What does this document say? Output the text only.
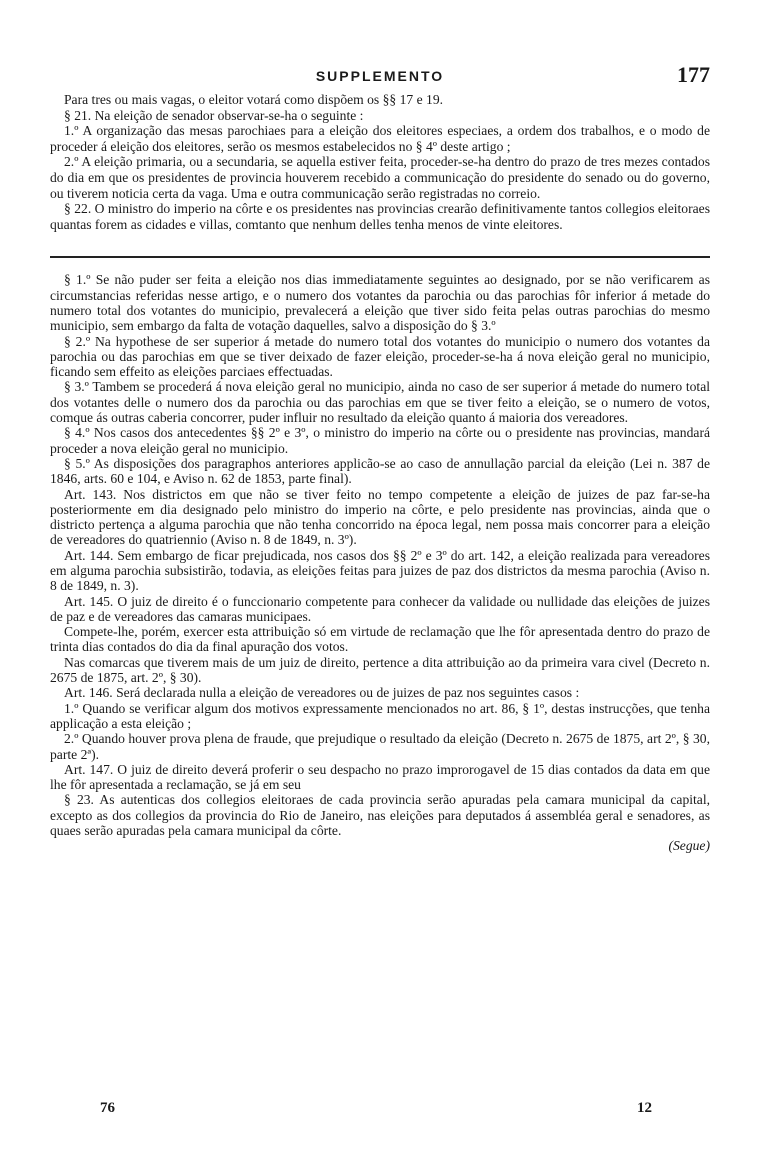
SUPPLEMENTO	177

Para tres ou mais vagas, o eleitor votará como dispõem os §§ 17 e 19.

§ 21. Na eleição de senador observar-se-ha o seguinte :

1.º A organização das mesas parochiaes para a eleição dos eleitores especiaes, a ordem dos trabalhos, e o modo de proceder á eleição dos eleitores, serão os mesmos estabelecidos no § 4º deste artigo ;

2.º A eleição primaria, ou a secundaria, se aquella estiver feita, proceder-se-ha dentro do prazo de tres mezes contados do dia em que os presidentes de provincia houverem recebido a communicação do presidente do senado ou do governo, ou tiverem noticia certa da vaga. Uma e outra communicação serão registradas no correio.

§ 22. O ministro do imperio na côrte e os presidentes nas provincias crearão definitivamente tantos collegios eleitoraes quantas forem as cidades e villas, comtanto que nenhum delles tenha menos de vinte eleitores.

§ 1.º Se não puder ser feita a eleição nos dias immediatamente seguintes ao designado, por se não verificarem as circumstancias referidas nesse artigo, e o numero dos votantes da parochia ou das parochias fôr inferior á metade do numero total dos votantes do municipio, prevalecerá a eleição que tiver sido feita pelas outras parochias do mesmo municipio, sem embargo da falta de votação daquelles, salvo a disposição do § 3.º

§ 2.º Na hypothese de ser superior á metade do numero total dos votantes do municipio o numero dos votantes da parochia ou das parochias em que se tiver deixado de fazer eleição, proceder-se-ha á nova eleição geral no municipio, ficando sem effeito as eleições parciaes effectuadas.

§ 3.º Tambem se procederá á nova eleição geral no municipio, ainda no caso de ser superior á metade do numero total dos votantes delle o numero dos da parochia ou das parochias em que se tiver feito a eleição, se o numero de votos, comque ás outras caberia concorrer, puder influir no resultado da eleição quanto á maioria dos vereadores.

§ 4.º Nos casos dos antecedentes §§ 2º e 3º, o ministro do imperio na côrte ou o presidente nas provincias, mandará proceder a nova eleição geral no municipio.

§ 5.º As disposições dos paragraphos anteriores applicão-se ao caso de annullação parcial da eleição (Lei n. 387 de 1846, arts. 60 e 104, e Aviso n. 62 de 1853, parte final).

Art. 143. Nos districtos em que não se tiver feito no tempo competente a eleição de juizes de paz far-se-ha posteriormente em dia designado pelo ministro do imperio na côrte, e pelo presidente nas provincias, ainda que o districto pertença a alguma parochia que não tenha concorrido na época legal, nem possa mais concorrer para a eleição de vereadores do quatriennio (Aviso n. 8 de 1849, n. 3º).

Art. 144. Sem embargo de ficar prejudicada, nos casos dos §§ 2º e 3º do art. 142, a eleição realizada para vereadores em alguma parochia subsistirão, todavia, as eleições feitas para juizes de paz dos districtos da mesma parochia (Aviso n. 8 de 1849, n. 3).

Art. 145. O juiz de direito é o funccionario competente para conhecer da validade ou nullidade das eleições de juizes de paz e de vereadores das camaras municipaes.

Compete-lhe, porém, exercer esta attribuição só em virtude de reclamação que lhe fôr apresentada dentro do prazo de trinta dias contados do dia da final apuração dos votos.

Nas comarcas que tiverem mais de um juiz de direito, pertence a dita attribuição ao da primeira vara civel (Decreto n. 2675 de 1875, art. 2º, § 30).

Art. 146. Será declarada nulla a eleição de vereadores ou de juizes de paz nos seguintes casos :

1.º Quando se verificar algum dos motivos expressamente mencionados no art. 86, § 1º, destas instrucções, que tenha applicação a esta eleição ;

2.º Quando houver prova plena de fraude, que prejudique o resultado da eleição (Decreto n. 2675 de 1875, art 2º, § 30, parte 2ª).

Art. 147. O juiz de direito deverá proferir o seu despacho no prazo improrogavel de 15 dias contados da data em que lhe fôr apresentada a reclamação, se já em seu

§ 23. As autenticas dos collegios eleitoraes de cada provincia serão apuradas pela camara municipal da capital, excepto as dos collegios da provincia do Rio de Janeiro, nas eleições para deputados á assembléa geral e senadores, as quaes serão apuradas pela camara municipal da côrte.

(Segue)

76	12
